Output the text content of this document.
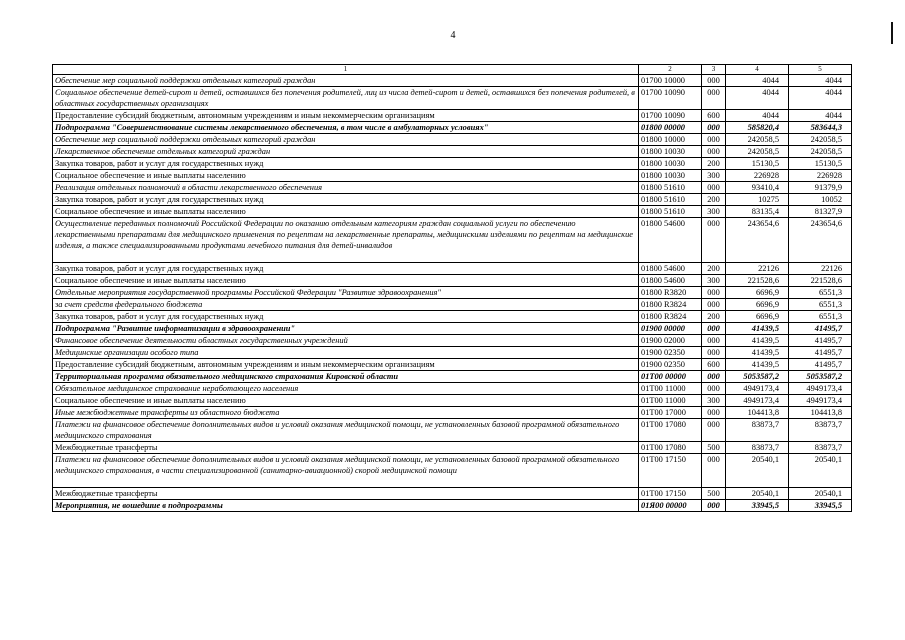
4
1	2	3	4	5
Обеспечение мер социальной поддержки отдельных категорий граждан	01700 10000	000	4044	4044
Социальное обеспечение детей-сирот и детей, оставшихся без попечения родителей, лиц из числа детей-сирот и детей, оставшихся без попечения родителей, в областных государственных организациях	01700 10090	000	4044	4044
Предоставление субсидий бюджетным, автономным учреждениям и иным некоммерческим организациям	01700 10090	600	4044	4044
Подпрограмма "Совершенствование системы лекарственного обеспечения, в том числе в амбулаторных условиях"	01800 00000	000	585820,4	583644,3
Обеспечение мер социальной поддержки отдельных категорий граждан	01800 10000	000	242058,5	242058,5
Лекарственное обеспечение отдельных категорий граждан	01800 10030	000	242058,5	242058,5
Закупка товаров, работ и услуг для государственных нужд	01800 10030	200	15130,5	15130,5
Социальное обеспечение и иные выплаты населению	01800 10030	300	226928	226928
Реализация отдельных полномочий в области лекарственного обеспечения	01800 51610	000	93410,4	91379,9
Закупка товаров, работ и услуг для государственных нужд	01800 51610	200	10275	10052
Социальное обеспечение и иные выплаты населению	01800 51610	300	83135,4	81327,9
Осуществление переданных полномочий Российской Федерации по оказанию отдельным категориям граждан социальной услуги по обеспечению лекарственными препаратами для медицинского применения по рецептам на лекарственные препараты, медицинскими изделиями по рецептам на медицинские изделия, а также специализированными продуктами лечебного питания для детей-инвалидов	01800 54600	000	243654,6	243654,6
Закупка товаров, работ и услуг для государственных нужд	01800 54600	200	22126	22126
Социальное обеспечение и иные выплаты населению	01800 54600	300	221528,6	221528,6
Отдельные мероприятия государственной программы Российской Федерации "Развитие здравоохранения"	01800 R3820	000	6696,9	6551,3
за счет средств федерального бюджета	01800 R3824	000	6696,9	6551,3
Закупка товаров, работ и услуг для государственных нужд	01800 R3824	200	6696,9	6551,3
Подпрограмма "Развитие информатизации в здравоохранении"	01900 00000	000	41439,5	41495,7
Финансовое обеспечение деятельности областных государственных учреждений	01900 02000	000	41439,5	41495,7
Медицинские организации особого типа	01900 02350	000	41439,5	41495,7
Предоставление субсидий бюджетным, автономным учреждениям и иным некоммерческим организациям	01900 02350	600	41439,5	41495,7
Территориальная программа обязательного медицинского страхования Кировской области	01Т00 00000	000	5053587,2	5053587,2
Обязательное медицинское страхование неработающего населения	01Т00 11000	000	4949173,4	4949173,4
Социальное обеспечение и иные выплаты населению	01Т00 11000	300	4949173,4	4949173,4
Иные межбюджетные трансферты из областного бюджета	01Т00 17000	000	104413,8	104413,8
Платежи на финансовое обеспечение дополнительных видов и условий оказания медицинской помощи, не установленных базовой программой обязательного медицинского страхования	01Т00 17080	000	83873,7	83873,7
Межбюджетные трансферты	01Т00 17080	500	83873,7	83873,7
Платежи на финансовое обеспечение дополнительных видов и условий оказания медицинской помощи, не установленных базовой программой обязательного медицинского страхования, в части специализированной (санитарно-авиационной) скорой медицинской помощи	01Т00 17150	000	20540,1	20540,1
Межбюджетные трансферты	01Т00 17150	500	20540,1	20540,1
Мероприятия, не вошедшие в подпрограммы	01Я00 00000	000	33945,5	33945,5
